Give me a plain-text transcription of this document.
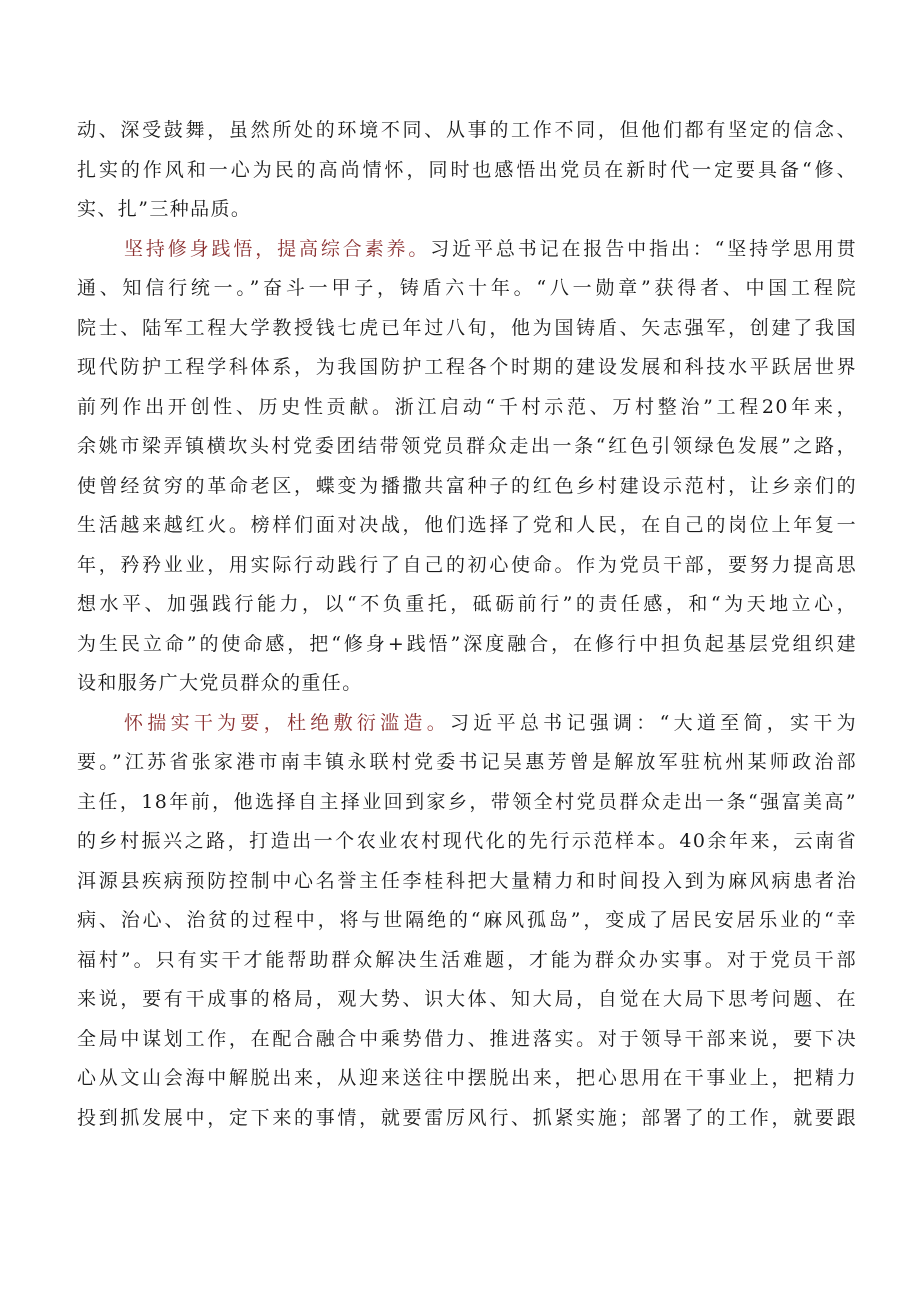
动、深受鼓舞，虽然所处的环境不同、从事的工作不同，但他们都有坚定的信念、
扎实的作风和一心为民的高尚情怀，同时也感悟出党员在新时代一定要具备“修、
实、扎”三种品质。
坚持修身践悟，提高综合素养。习近平总书记在报告中指出：“坚持学思用贯
通、知信行统一。”奋斗一甲子，铸盾六十年。“八一勋章”获得者、中国工程院
院士、陆军工程大学教授钱七虎已年过八旬，他为国铸盾、矢志强军，创建了我国
现代防护工程学科体系，为我国防护工程各个时期的建设发展和科技水平跃居世界
前列作出开创性、历史性贡献。浙江启动“千村示范、万村整治”工程20年来，
余姚市梁弄镇横坎头村党委团结带领党员群众走出一条“红色引领绿色发展”之路，
使曾经贫穷的革命老区，蝶变为播撒共富种子的红色乡村建设示范村，让乡亲们的
生活越来越红火。榜样们面对决战，他们选择了党和人民，在自己的岗位上年复一
年，矜矜业业，用实际行动践行了自己的初心使命。作为党员干部，要努力提高思
想水平、加强践行能力，以“不负重托，砥砺前行”的责任感，和“为天地立心，
为生民立命”的使命感，把“修身+践悟”深度融合，在修行中担负起基层党组织建
设和服务广大党员群众的重任。
怀揣实干为要，杜绝敷衍滥造。习近平总书记强调：“大道至简，实干为
要。”江苏省张家港市南丰镇永联村党委书记吴惠芳曾是解放军驻杭州某师政治部
主任，18年前，他选择自主择业回到家乡，带领全村党员群众走出一条“强富美高”
的乡村振兴之路，打造出一个农业农村现代化的先行示范样本。40余年来，云南省
洱源县疾病预防控制中心名誉主任李桂科把大量精力和时间投入到为麻风病患者治
病、治心、治贫的过程中，将与世隔绝的“麻风孤岛”，变成了居民安居乐业的“幸
福村”。只有实干才能帮助群众解决生活难题，才能为群众办实事。对于党员干部
来说，要有干成事的格局，观大势、识大体、知大局，自觉在大局下思考问题、在
全局中谋划工作，在配合融合中乘势借力、推进落实。对于领导干部来说，要下决
心从文山会海中解脱出来，从迎来送往中摆脱出来，把心思用在干事业上，把精力
投到抓发展中，定下来的事情，就要雷厉风行、抓紧实施；部署了的工作，就要跟
